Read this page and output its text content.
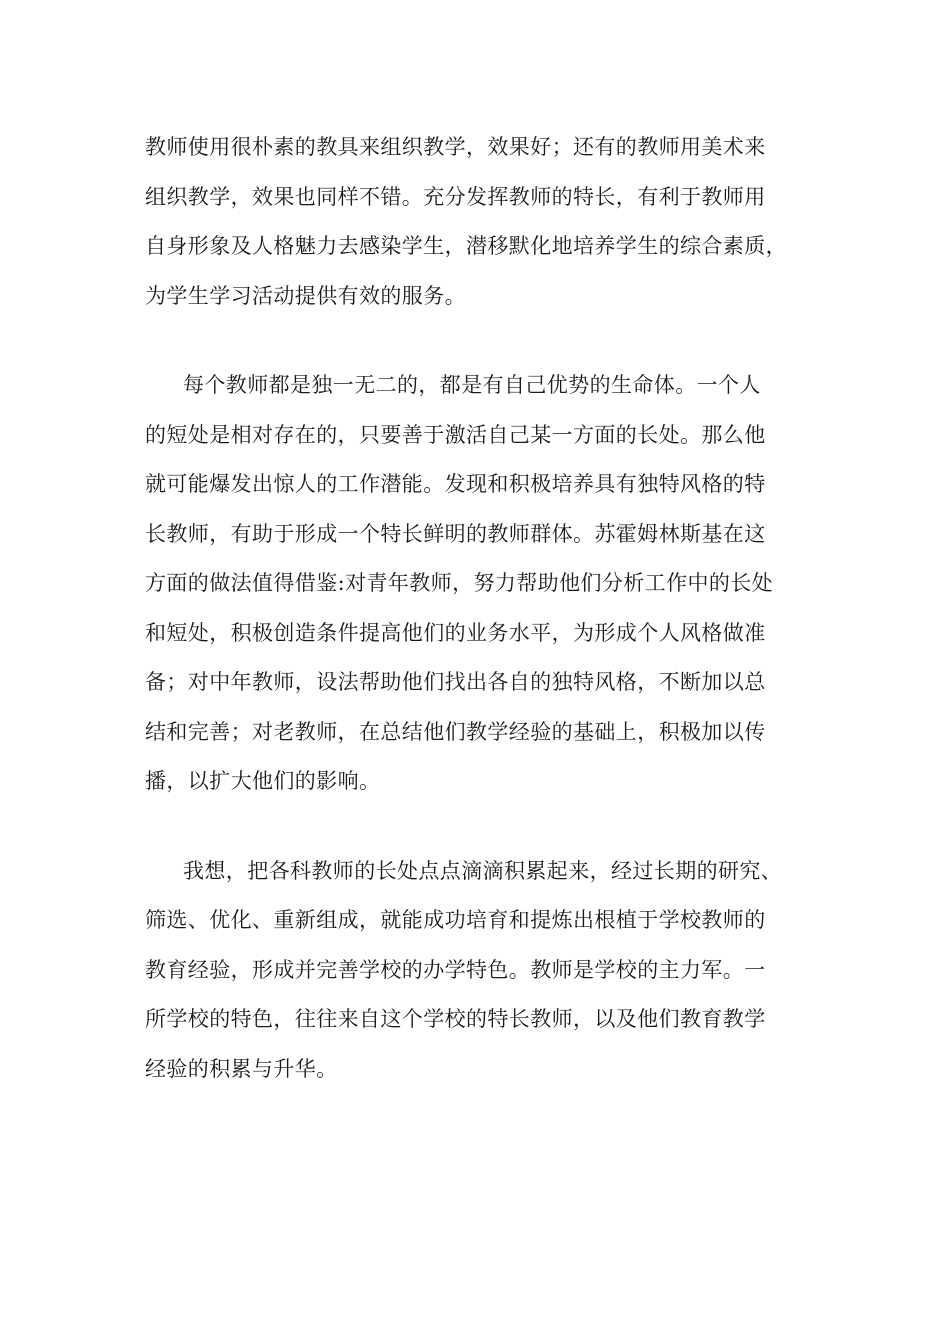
教师使用很朴素的教具来组织教学，效果好；还有的教师用美术来
组织教学，效果也同样不错。充分发挥教师的特长，有利于教师用
自身形象及人格魅力去感染学生，潜移默化地培养学生的综合素质，
为学生学习活动提供有效的服务。
每个教师都是独一无二的，都是有自己优势的生命体。一个人
的短处是相对存在的，只要善于激活自己某一方面的长处。那么他
就可能爆发出惊人的工作潜能。发现和积极培养具有独特风格的特
长教师，有助于形成一个特长鲜明的教师群体。苏霍姆林斯基在这
方面的做法值得借鉴:对青年教师，努力帮助他们分析工作中的长处
和短处，积极创造条件提高他们的业务水平，为形成个人风格做准
备；对中年教师，设法帮助他们找出各自的独特风格，不断加以总
结和完善；对老教师，在总结他们教学经验的基础上，积极加以传
播，以扩大他们的影响。
我想，把各科教师的长处点点滴滴积累起来，经过长期的研究、
筛选、优化、重新组成，就能成功培育和提炼出根植于学校教师的
教育经验，形成并完善学校的办学特色。教师是学校的主力军。一
所学校的特色，往往来自这个学校的特长教师，以及他们教育教学
经验的积累与升华。
